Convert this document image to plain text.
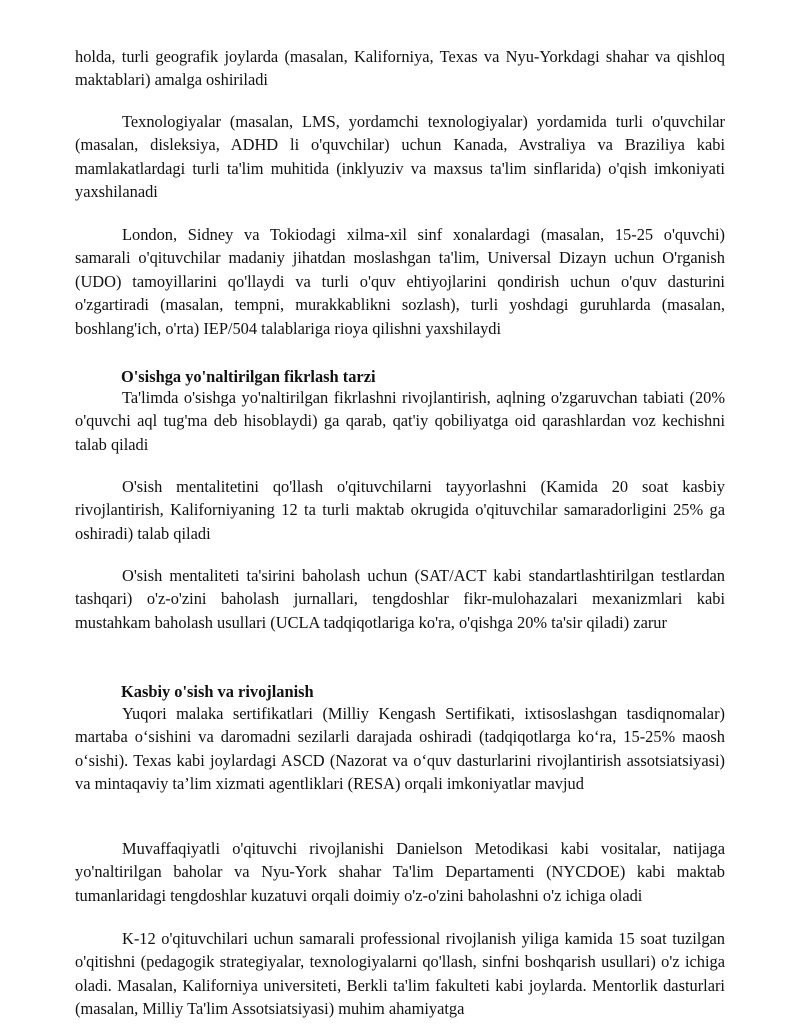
holda, turli geografik joylarda (masalan, Kaliforniya, Texas va Nyu-Yorkdagi shahar va qishloq maktablari) amalga oshiriladi

Texnologiyalar (masalan, LMS, yordamchi texnologiyalar) yordamida turli o'quvchilar (masalan, disleksiya, ADHD li o'quvchilar) uchun Kanada, Avstraliya va Braziliya kabi mamlakatlardagi turli ta'lim muhitida (inklyuziv va maxsus ta'lim sinflarida) o'qish imkoniyati yaxshilanadi

London, Sidney va Tokiodagi xilma-xil sinf xonalardagi (masalan, 15-25 o'quvchi) samarali o'qituvchilar madaniy jihatdan moslashgan ta'lim, Universal Dizayn uchun O'rganish (UDO) tamoyillarini qo'llaydi va turli o'quv ehtiyojlarini qondirish uchun o'quv dasturini o'zgartiradi (masalan, tempni, murakkablikni sozlash), turli yoshdagi guruhlarda (masalan, boshlang'ich, o'rta) IEP/504 talablariga rioya qilishni yaxshilaydi

O'sishga yo'naltirilgan fikrlash tarzi

Ta'limda o'sishga yo'naltirilgan fikrlashni rivojlantirish, aqlning o'zgaruvchan tabiati (20% o'quvchi aql tug'ma deb hisoblaydi) ga qarab, qat'iy qobiliyatga oid qarashlardan voz kechishni talab qiladi

O'sish mentalitetini qo'llash o'qituvchilarni tayyorlashni (Kamida 20 soat kasbiy rivojlantirish, Kaliforniyaning 12 ta turli maktab okrugida o'qituvchilar samaradorligini 25% ga oshiradi) talab qiladi

O'sish mentaliteti ta'sirini baholash uchun (SAT/ACT kabi standartlashtirilgan testlardan tashqari) o'z-o'zini baholash jurnallari, tengdoshlar fikr-mulohazalari mexanizmlari kabi mustahkam baholash usullari (UCLA tadqiqotlariga ko'ra, o'qishga 20% ta'sir qiladi) zarur

Kasbiy o'sish va rivojlanish

Yuqori malaka sertifikatlari (Milliy Kengash Sertifikati, ixtisoslashgan tasdiqnomalar) martaba o‘sishini va daromadni sezilarli darajada oshiradi (tadqiqotlarga ko‘ra, 15-25% maosh o‘sishi). Texas kabi joylardagi ASCD (Nazorat va o‘quv dasturlarini rivojlantirish assotsiatsiyasi) va mintaqaviy ta’lim xizmati agentliklari (RESA) orqali imkoniyatlar mavjud

Muvaffaqiyatli o'qituvchi rivojlanishi Danielson Metodikasi kabi vositalar, natijaga yo'naltirilgan baholar va Nyu-York shahar Ta'lim Departamenti (NYCDOE) kabi maktab tumanlaridagi tengdoshlar kuzatuvi orqali doimiy o'z-o'zini baholashni o'z ichiga oladi

K-12 o'qituvchilari uchun samarali professional rivojlanish yiliga kamida 15 soat tuzilgan o'qitishni (pedagogik strategiyalar, texnologiyalarni qo'llash, sinfni boshqarish usullari) o'z ichiga oladi. Masalan, Kaliforniya universiteti, Berkli ta'lim fakulteti kabi joylarda. Mentorlik dasturlari (masalan, Milliy Ta'lim Assotsiatsiyasi) muhim ahamiyatga
